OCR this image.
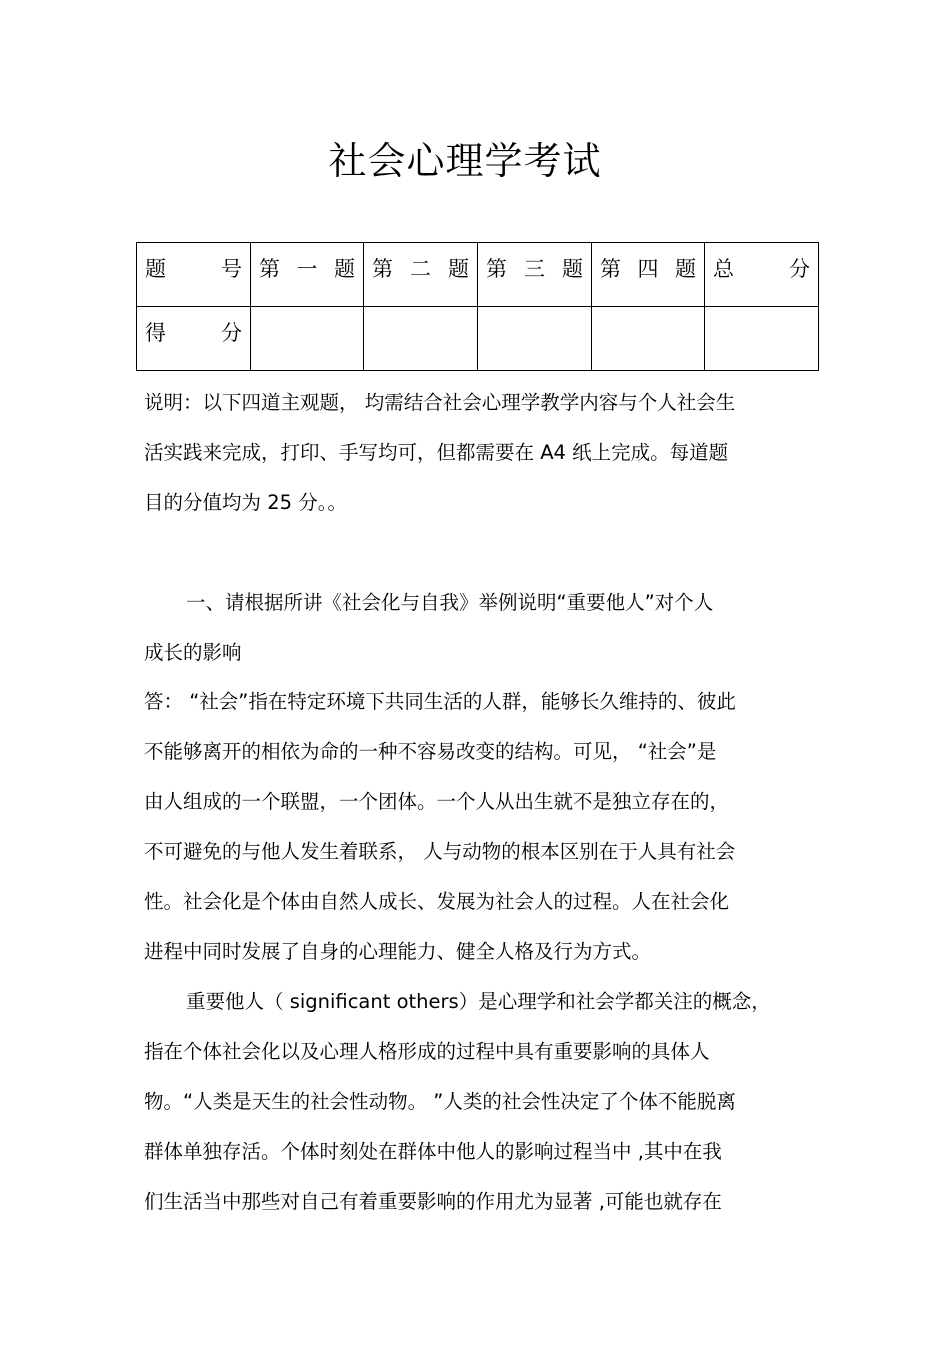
社会心理学考试
题 号	第 一 题	第 二 题	第 三 题	第 四 题	总 分

得 分					

说明：以下四道主观题， 均需结合社会心理学教学内容与个人社会生

活实践来完成，打印、手写均可，但都需要在 A4 纸上完成。每道题

目的分值均为 25 分。。

一、请根据所讲《社会化与自我》举例说明“重要他人”对个人

成长的影响

答： “社会”指在特定环境下共同生活的人群，能够长久维持的、彼此

不能够离开的相依为命的一种不容易改变的结构。可见， “社会”是

由人组成的一个联盟，一个团体。一个人从出生就不是独立存在的，

不可避免的与他人发生着联系， 人与动物的根本区别在于人具有社会

性。社会化是个体由自然人成长、发展为社会人的过程。人在社会化

进程中同时发展了自身的心理能力、健全人格及行为方式。

重要他人（ significant others）是心理学和社会学都关注的概念，

指在个体社会化以及心理人格形成的过程中具有重要影响的具体人

物。“人类是天生的社会性动物。 ”人类的社会性决定了个体不能脱离

群体单独存活。个体时刻处在群体中他人的影响过程当中 ,其中在我

们生活当中那些对自己有着重要影响的作用尤为显著 ,可能也就存在
